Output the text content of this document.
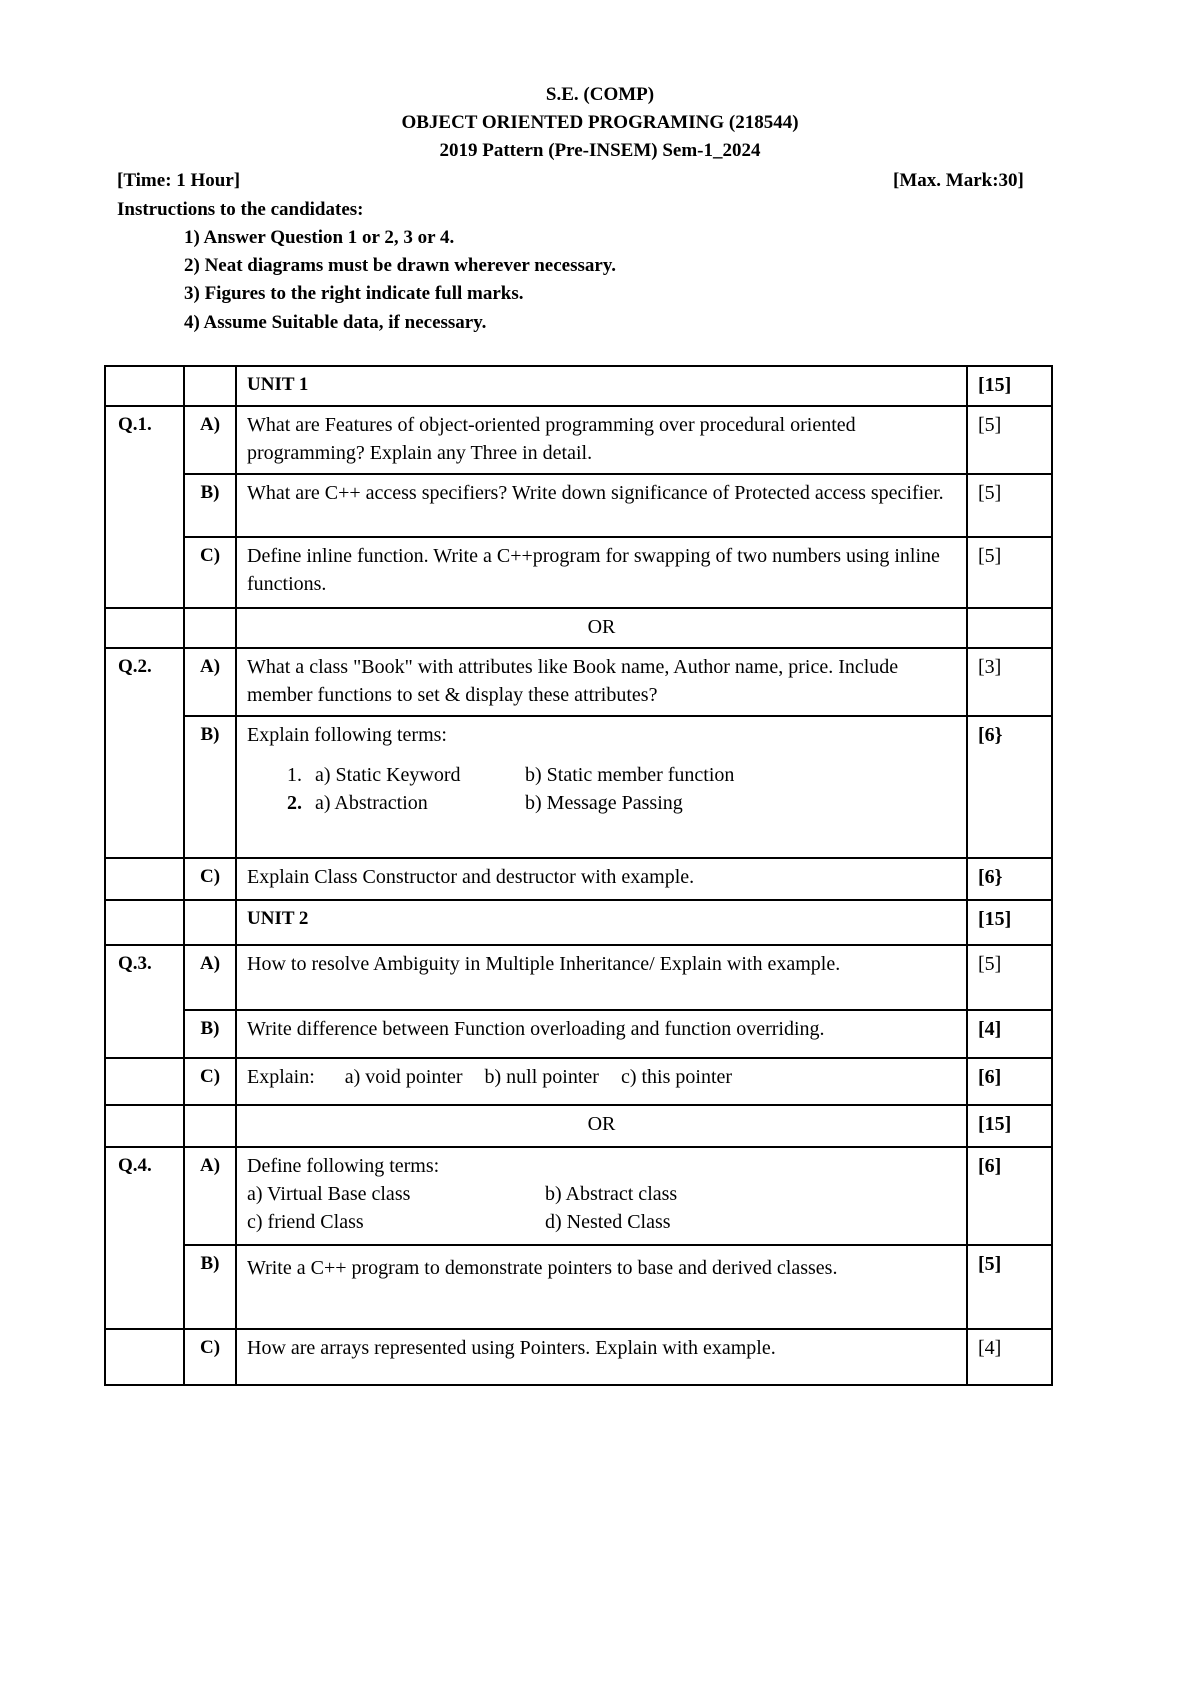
S.E. (COMP)
OBJECT ORIENTED PROGRAMING (218544)
2019 Pattern (Pre-INSEM) Sem-1_2024
[Time: 1 Hour]	[Max. Mark:30]
Instructions to the candidates:
1) Answer Question 1 or 2, 3 or 4.
2) Neat diagrams must be drawn wherever necessary.
3) Figures to the right indicate full marks.
4) Assume Suitable data, if necessary.
		UNIT 1	[15]
Q.1.	A)	What are Features of object-oriented programming over procedural oriented programming? Explain any Three in detail.	[5]
	B)	What are C++ access specifiers? Write down significance of Protected access specifier.	[5]
	C)	Define inline function. Write a C++program for swapping of two numbers using inline functions.	[5]
		OR	
Q.2.	A)	What a class "Book" with attributes like Book name, Author name, price. Include member functions to set & display these attributes?	[3]
	B)	Explain following terms:
1. a) Static Keyword b) Static member function
2. a) Abstraction b) Message Passing	[6}
	C)	Explain Class Constructor and destructor with example.	[6}
		UNIT 2	[15]
Q.3.	A)	How to resolve Ambiguity in Multiple Inheritance/ Explain with example.	[5]
	B)	Write difference between Function overloading and function overriding.	[4]
	C)	Explain: a) void pointer b) null pointer c) this pointer	[6]
		OR	[15]
Q.4.	A)	Define following terms:
a) Virtual Base class b) Abstract class
c) friend Class d) Nested Class	[6]
	B)	Write a C++ program to demonstrate pointers to base and derived classes.	[5]
	C)	How are arrays represented using Pointers. Explain with example.	[4]
